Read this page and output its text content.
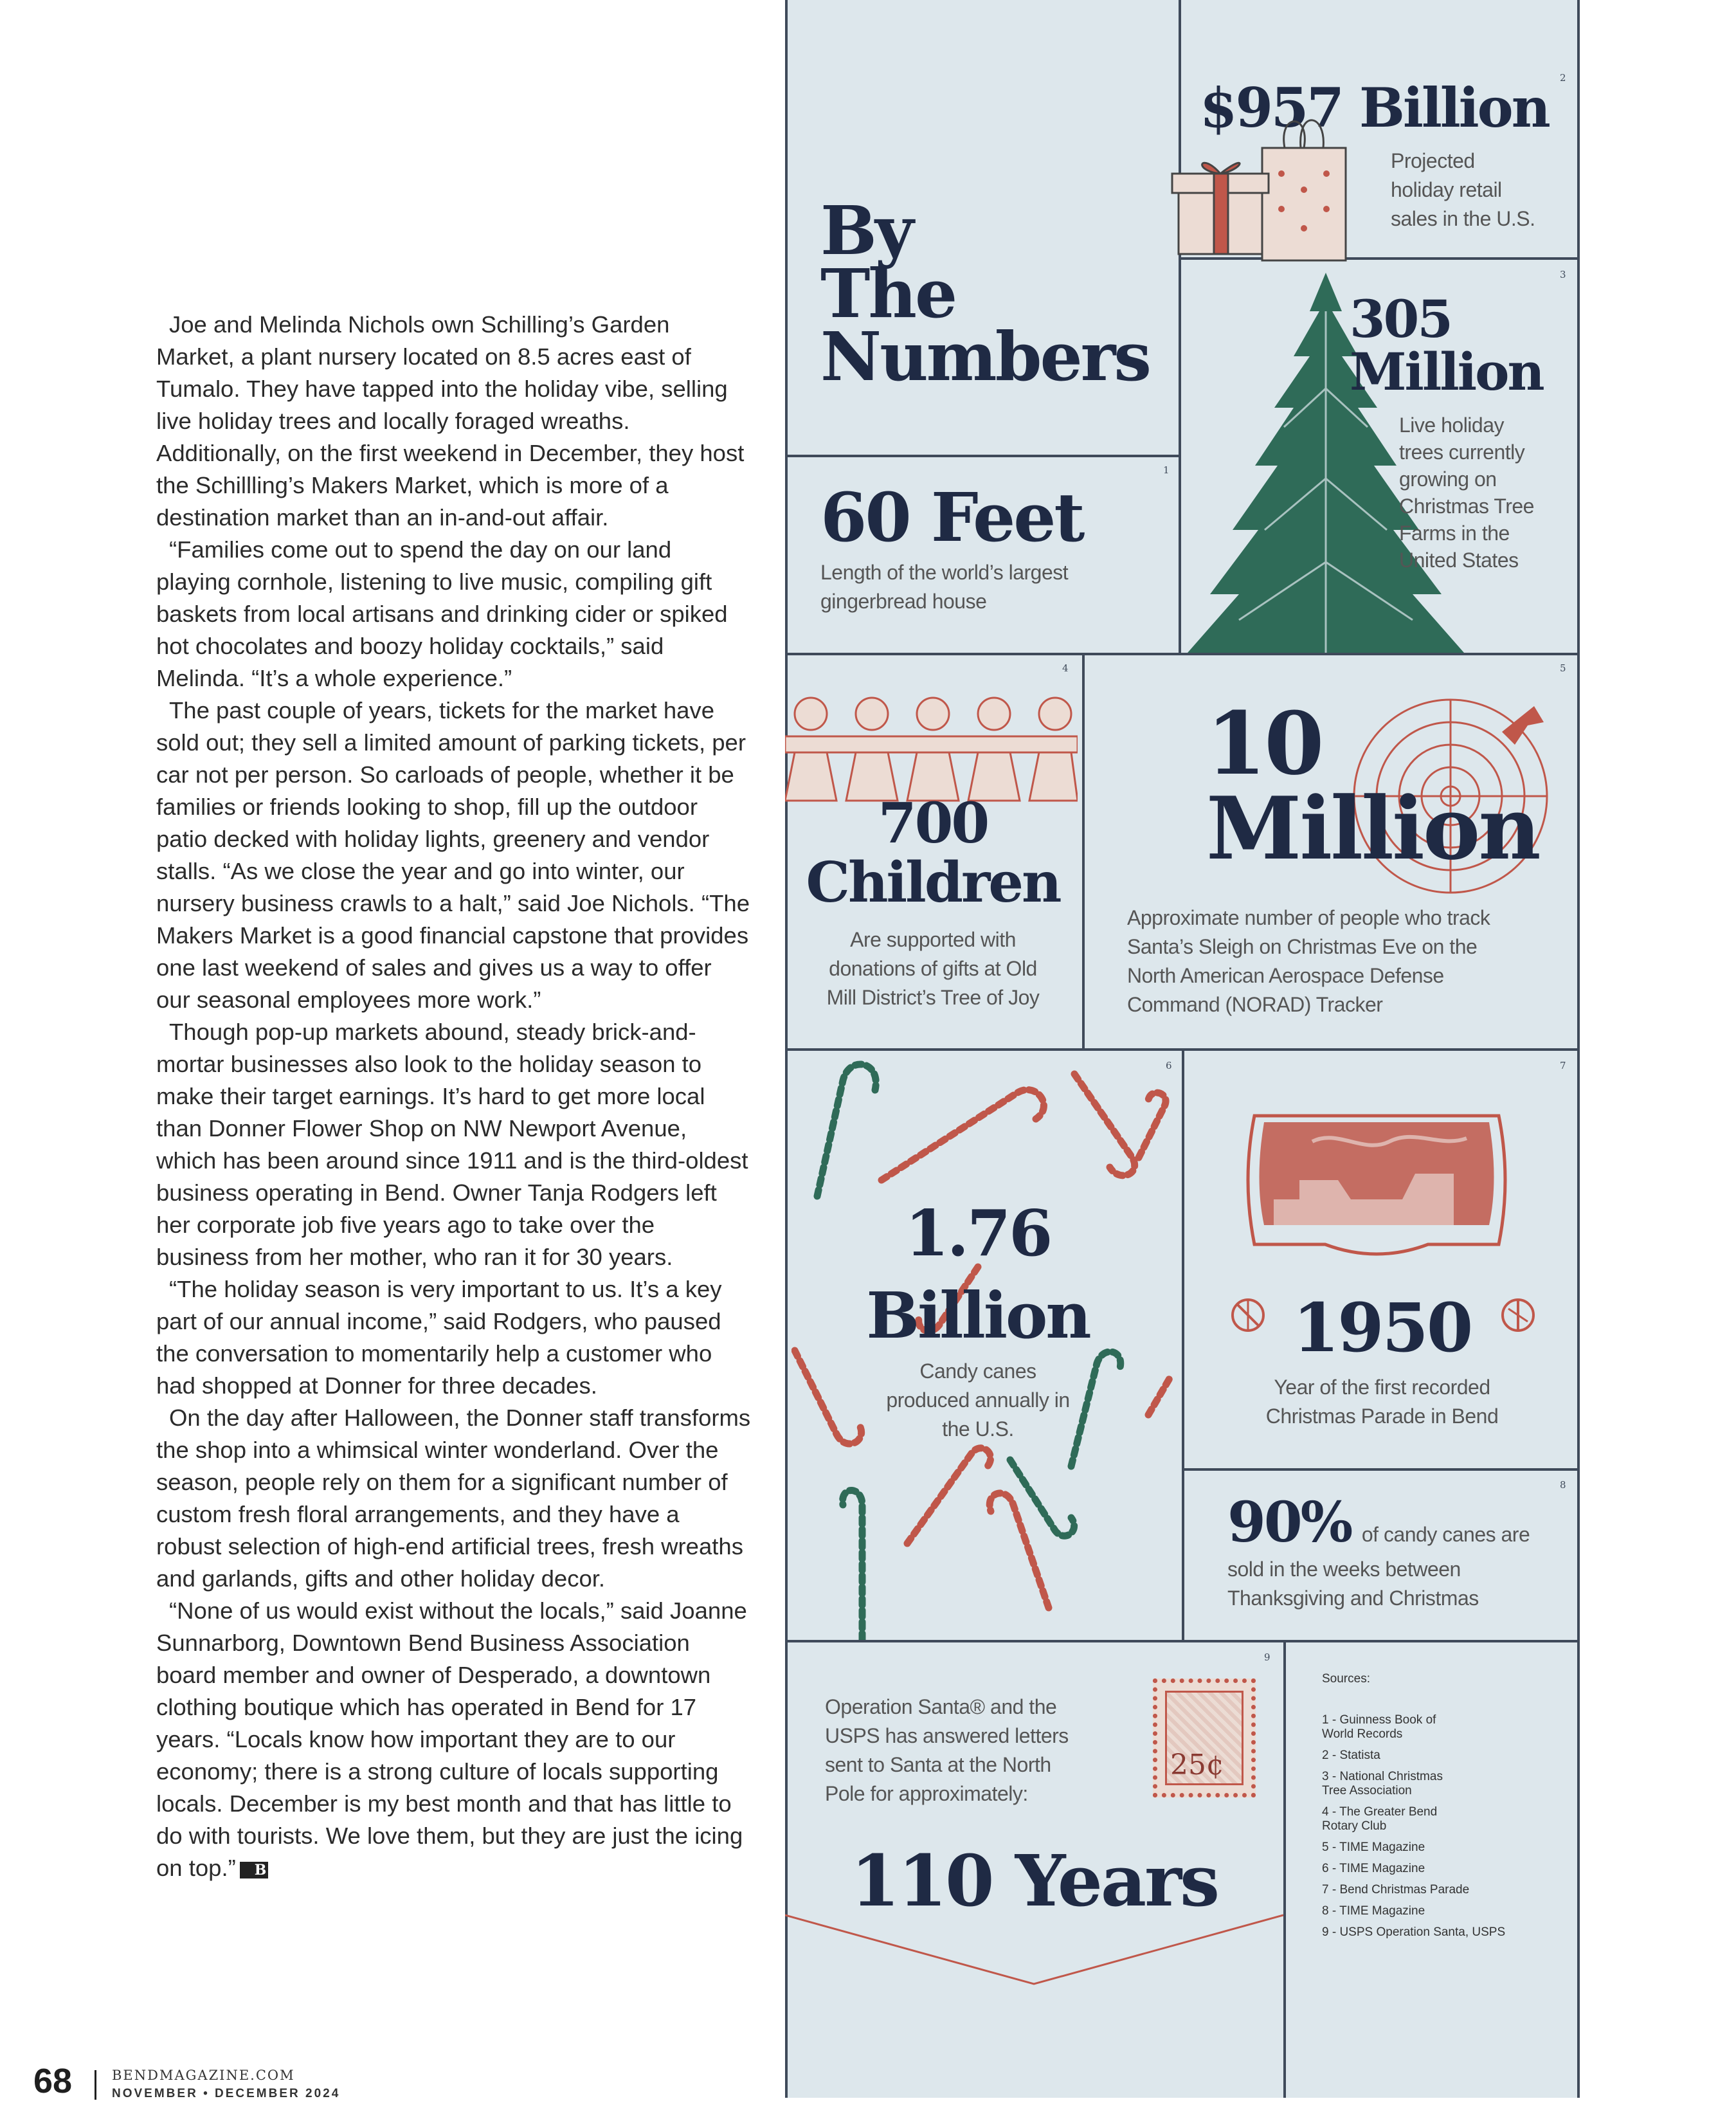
Joe and Melinda Nichols own Schilling’s Garden Market, a plant nursery located on 8.5 acres east of Tumalo. They have tapped into the holiday vibe, selling live holiday trees and locally foraged wreaths. Additionally, on the first weekend in December, they host the Schillling’s Makers Market, which is more of a destination market than an in-and-out affair.

“Families come out to spend the day on our land playing cornhole, listening to live music, compiling gift baskets from local artisans and drinking cider or spiked hot chocolates and boozy holiday cocktails,” said Melinda. “It’s a whole experience.”

The past couple of years, tickets for the market have sold out; they sell a limited amount of parking tickets, per car not per person. So carloads of people, whether it be families or friends looking to shop, fill up the outdoor patio decked with holiday lights, greenery and vendor stalls. “As we close the year and go into winter, our nursery business crawls to a halt,” said Joe Nichols. “The Makers Market is a good financial capstone that provides one last weekend of sales and gives us a way to offer our seasonal employees more work.”

Though pop-up markets abound, steady brick-and-mortar businesses also look to the holiday season to make their target earnings. It’s hard to get more local than Donner Flower Shop on NW Newport Avenue, which has been around since 1911 and is the third-oldest business operating in Bend. Owner Tanja Rodgers left her corporate job five years ago to take over the business from her mother, who ran it for 30 years.

“The holiday season is very important to us. It’s a key part of our annual income,” said Rodgers, who paused the conversation to momentarily help a customer who had shopped at Donner for three decades.

On the day after Halloween, the Donner staff transforms the shop into a whimsical winter wonderland. Over the season, people rely on them for a significant number of custom fresh floral arrangements, and they have a robust selection of high-end artificial trees, fresh wreaths and garlands, gifts and other holiday decor.

“None of us would exist without the locals,” said Joanne Sunnarborg, Downtown Bend Business Association board member and owner of Desperado, a downtown clothing boutique which has operated in Bend for 17 years. “Locals know how important they are to our economy; there is a strong culture of locals supporting locals. December is my best month and that has little to do with tourists. We love them, but they are just the icing on top.” B

68	BENDMAGAZINE.COM
NOVEMBER • DECEMBER 2024
By
The
Numbers
1
60 Feet
Length of the world’s largest gingerbread house
2
$957 Billion
Projected
holiday retail
sales in the U.S.
3
305
Million
Live holiday
trees currently
growing on
Christmas Tree
Farms in the
United States
4
700
Children
Are supported with
donations of gifts at Old
Mill District’s Tree of Joy
5
10
Million
Approximate number of people who track
Santa’s Sleigh on Christmas Eve on the
North American Aerospace Defense
Command (NORAD) Tracker
6
1.76
Billion
Candy canes
produced annually in
the U.S.
7
1950
Year of the first recorded
Christmas Parade in Bend
8
90% of candy canes are
sold in the weeks between
Thanksgiving and Christmas
9
Operation Santa® and the
USPS has answered letters
sent to Santa at the North
Pole for approximately:
25¢
110 Years
Sources:
1 - Guinness Book of World Records
2 - Statista
3 - National Christmas Tree Association
4 - The Greater Bend Rotary Club
5 - TIME Magazine
6 - TIME Magazine
7 - Bend Christmas Parade
8 - TIME Magazine
9 - USPS Operation Santa, USPS
